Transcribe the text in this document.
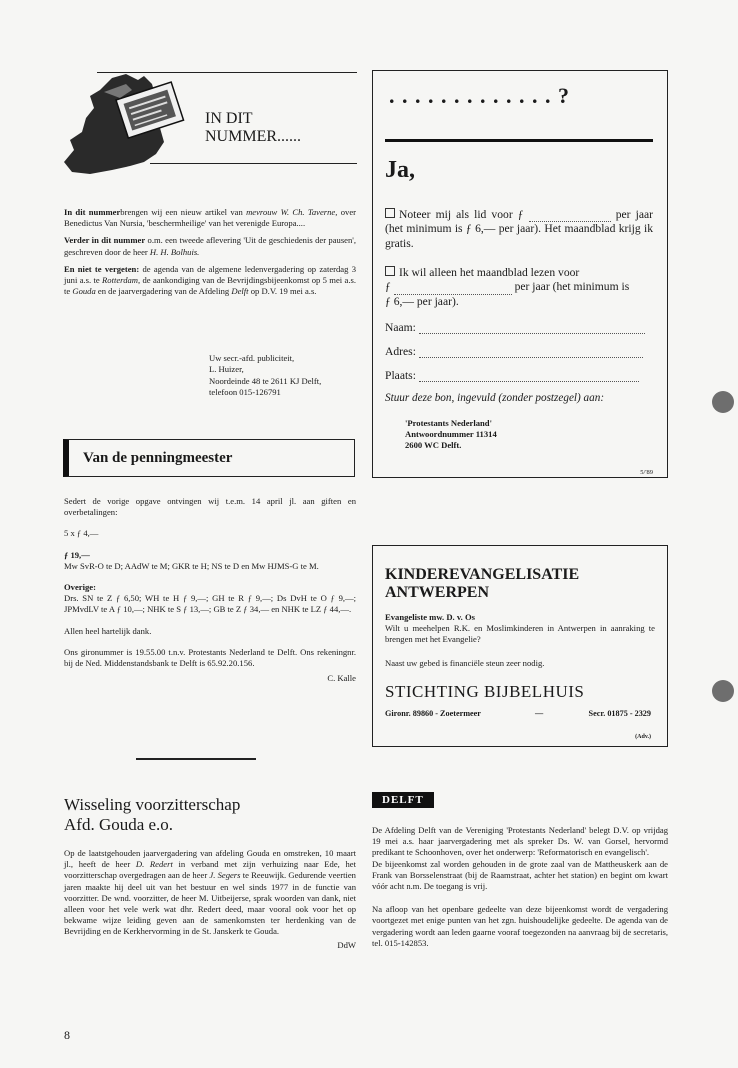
IN DIT
NUMMER......

In dit nummerbrengen wij een nieuw artikel van mevrouw W. Ch. Taverne, over Benedictus Van Nursia, 'beschermheilige' van het verenigde Europa....

Verder in dit nummer o.m. een tweede aflevering 'Uit de geschiedenis der pausen', geschreven door de heer H. H. Bolhuis.

En niet te vergeten: de agenda van de algemene ledenvergadering op zaterdag 3 juni a.s. te Rotterdam, de aankondiging van de Bevrijdingsbijeenkomst op 5 mei a.s. te Gouda en de jaarvergadering van de Afdeling Delft op D.V. 19 mei a.s.

Uw secr.-afd. publiciteit,
L. Huizer,
Noordeinde 48 te 2611 KJ Delft,
telefoon 015-126791
Van de penningmeester

Sedert de vorige opgave ontvingen wij t.e.m. 14 april jl. aan giften en overbetalingen:

5 x ƒ 4,—

ƒ 19,—

Mw SvR-O te D; AAdW te M; GKR te H; NS te D en Mw HJMS-G te M.

Overige:

Drs. SN te Z ƒ 6,50; WH te H ƒ 9,—; GH te R ƒ 9,—; Ds DvH te O ƒ 9,—; JPMvdLV te A ƒ 10,—; NHK te S ƒ 13,—; GB te Z ƒ 34,— en NHK te LZ ƒ 44,—.

Allen heel hartelijk dank.

Ons gironummer is 19.55.00 t.n.v. Protestants Nederland te Delft. Ons rekeningnr. bij de Ned. Middenstandsbank te Delft is 65.92.20.156.

C. Kalle

Wisseling voorzitterschap
Afd. Gouda e.o.

Op de laatstgehouden jaarvergadering van afdeling Gouda en omstreken, 10 maart jl., heeft de heer D. Redert in verband met zijn verhuizing naar Ede, het voorzitterschap overgedragen aan de heer J. Segers te Reeuwijk. Gedurende veertien jaren maakte hij deel uit van het bestuur en wel sinds 1977 in de functie van voorzitter. De wnd. voorzitter, de heer M. Uitbeijerse, sprak woorden van dank, niet alleen voor het vele werk wat dhr. Redert deed, maar vooral ook voor het op bekwame wijze leiding geven aan de samenkomsten ter herdenking van de Bevrijding en de Kerkhervorming in de St. Janskerk te Gouda.

DdW

8
. . . . . . . . . . . . . ?
Ja,
Noteer mij als lid voor ƒ	per jaar (het minimum is ƒ 6,— per jaar). Het maandblad krijg ik gratis.
Ik wil alleen het maandblad lezen voor
ƒ	per jaar (het minimum is
ƒ 6,— per jaar).
Naam:
Adres:
Plaats:
Stuur deze bon, ingevuld (zonder postzegel) aan:
'Protestants Nederland'
Antwoordnummer 11314
2600 WC Delft.
5/'89
KINDEREVANGELISATIE
ANTWERPEN
Evangeliste mw. D. v. Os

Wilt u meehelpen R.K. en Moslimkinderen in Antwerpen in aanraking te brengen met het Evangelie?

Naast uw gebed is financiële steun zeer nodig.

STICHTING BIJBELHUIS
Gironr. 89860 - Zoetermeer	—	Secr. 01875 - 2329
(Adv.)
DELFT

De Afdeling Delft van de Vereniging 'Protestants Nederland' belegt D.V. op vrijdag 19 mei a.s. haar jaarvergadering met als spreker Ds. W. van Gorsel, hervormd predikant te Schoonhoven, over het onderwerp: 'Reformatorisch en evangelisch'.

De bijeenkomst zal worden gehouden in de grote zaal van de Mattheuskerk aan de Frank van Borsselenstraat (bij de Raamstraat, achter het station) en begint om kwart vóór acht n.m. De toegang is vrij.

Na afloop van het openbare gedeelte van deze bijeenkomst wordt de vergadering voortgezet met enige punten van het zgn. huishoudelijke gedeelte. De agenda van de vergadering wordt aan leden gaarne vooraf toegezonden na aanvraag bij de secretaris, tel. 015-142853.
